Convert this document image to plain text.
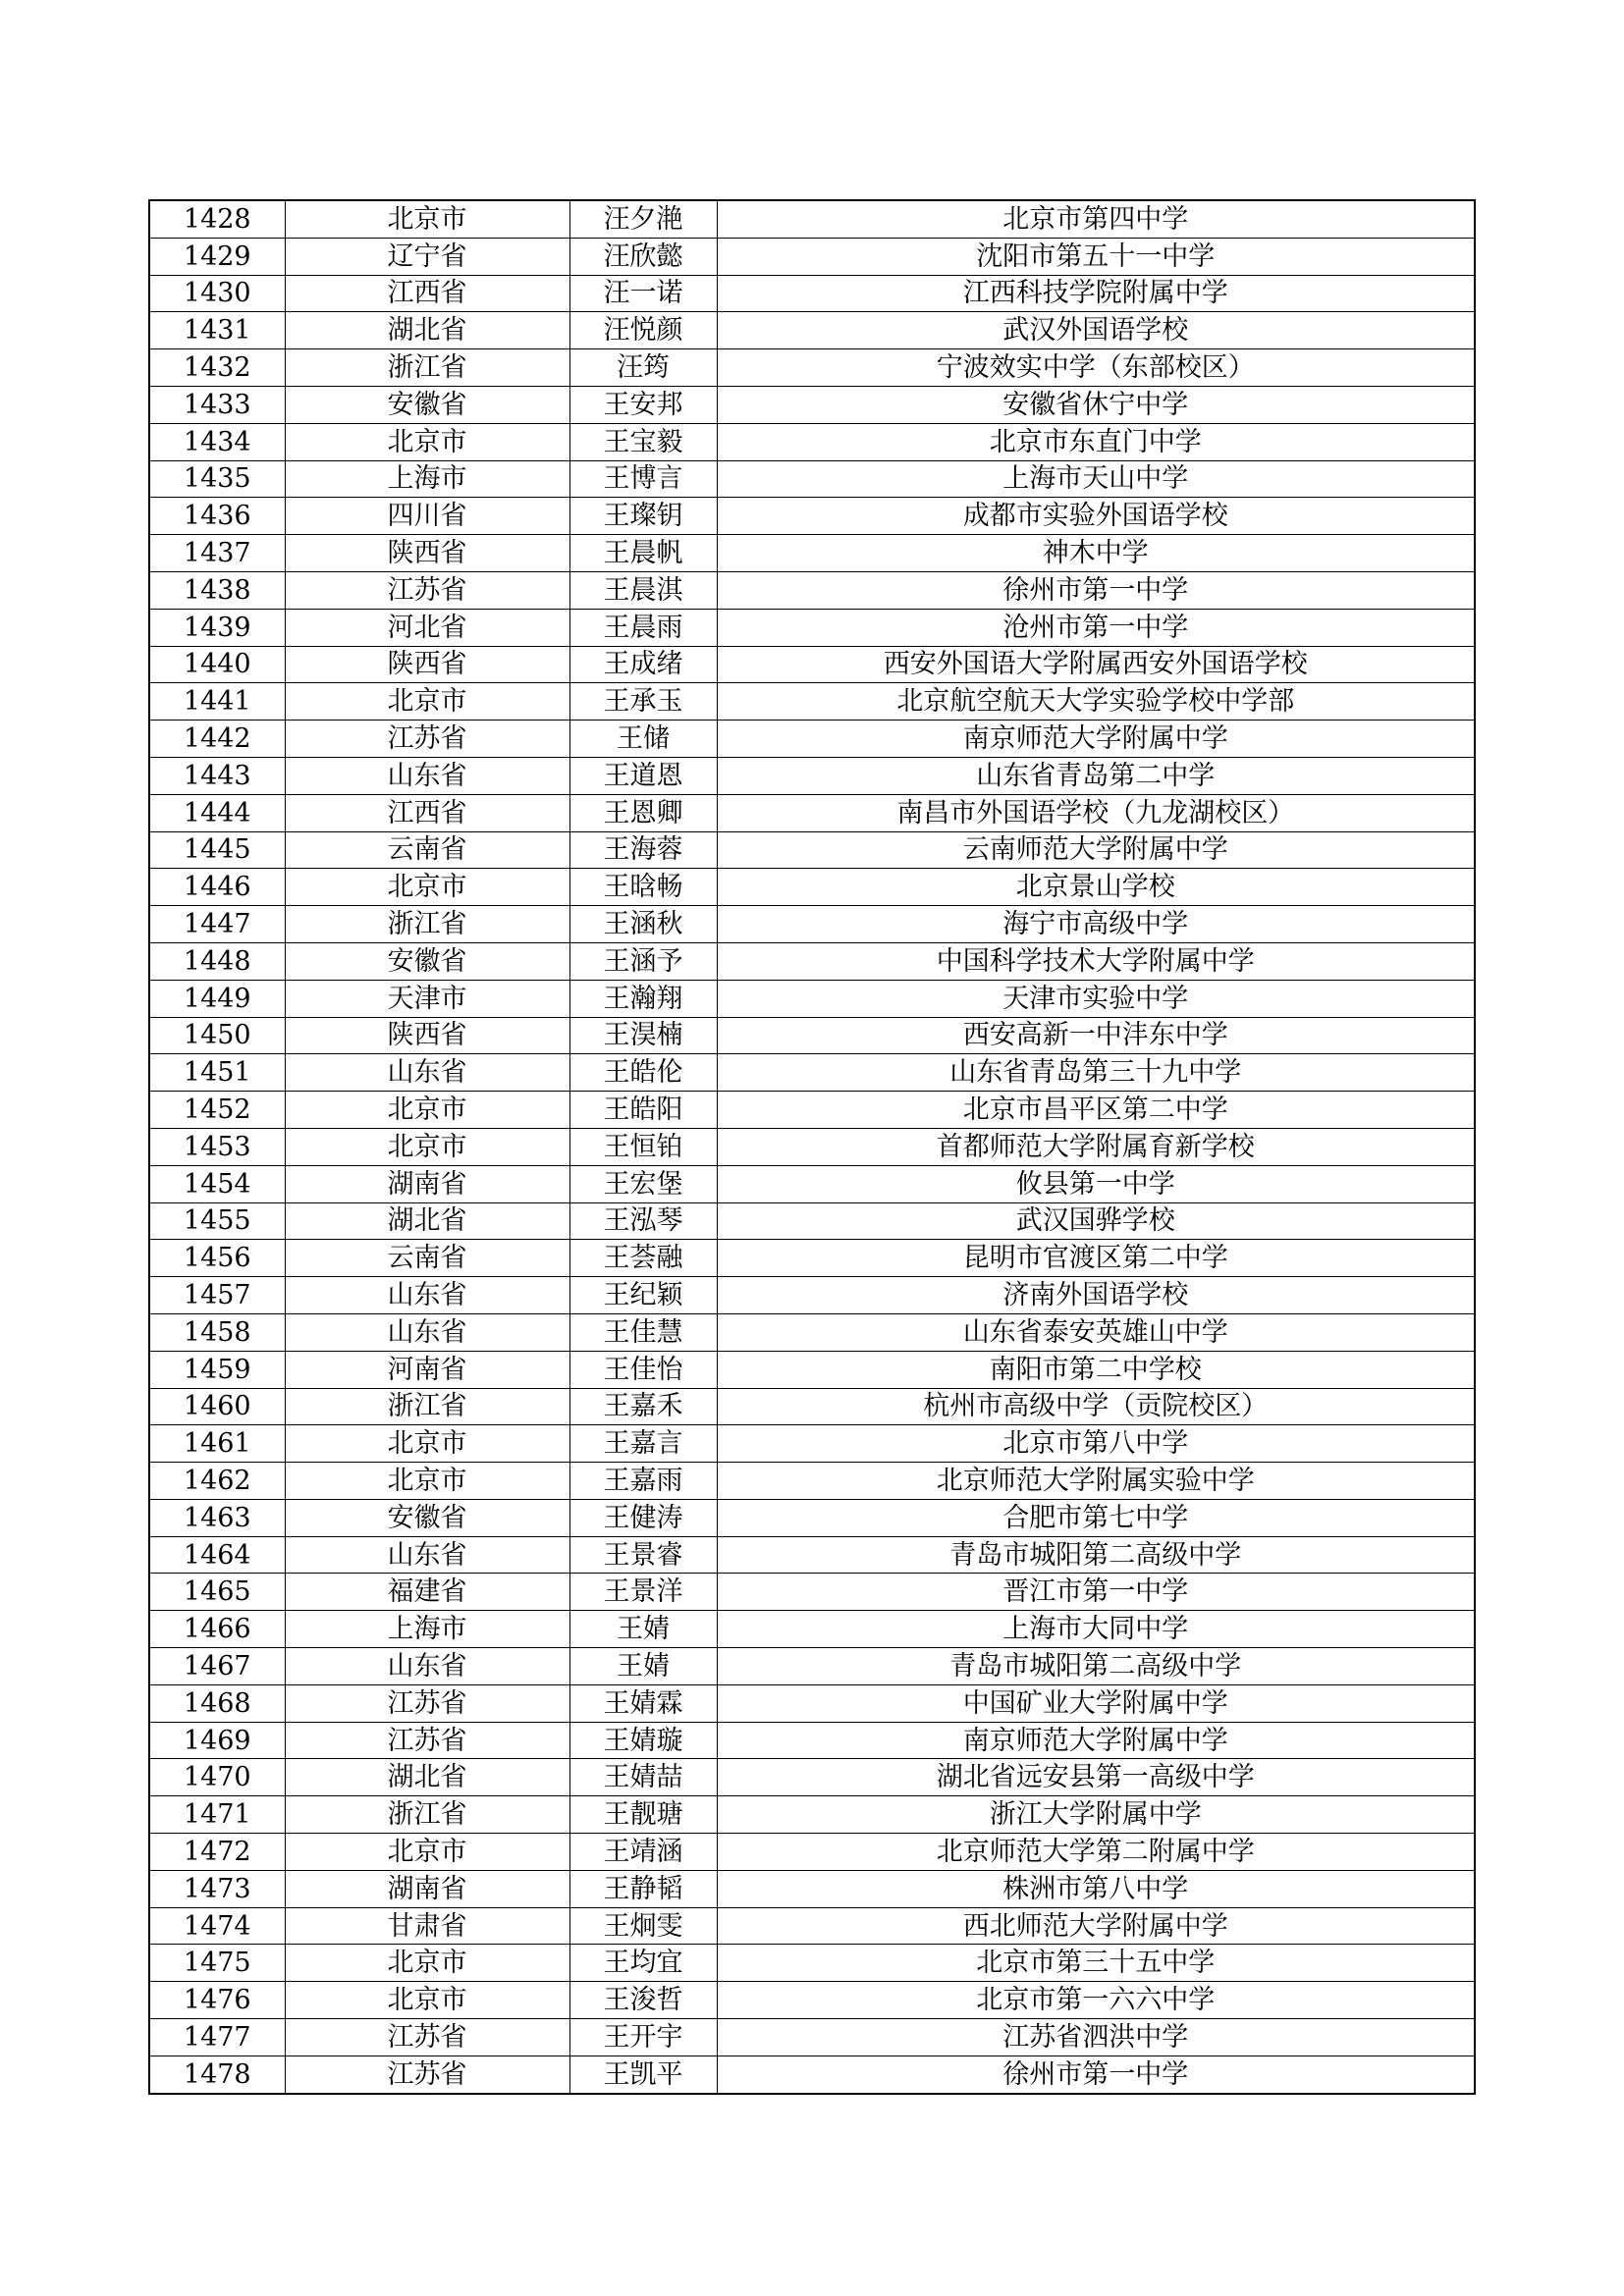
1428	北京市	汪夕滟	北京市第四中学
1429	辽宁省	汪欣懿	沈阳市第五十一中学
1430	江西省	汪一诺	江西科技学院附属中学
1431	湖北省	汪悦颜	武汉外国语学校
1432	浙江省	汪筠	宁波效实中学（东部校区）
1433	安徽省	王安邦	安徽省休宁中学
1434	北京市	王宝毅	北京市东直门中学
1435	上海市	王博言	上海市天山中学
1436	四川省	王璨钥	成都市实验外国语学校
1437	陕西省	王晨帆	神木中学
1438	江苏省	王晨淇	徐州市第一中学
1439	河北省	王晨雨	沧州市第一中学
1440	陕西省	王成绪	西安外国语大学附属西安外国语学校
1441	北京市	王承玉	北京航空航天大学实验学校中学部
1442	江苏省	王储	南京师范大学附属中学
1443	山东省	王道恩	山东省青岛第二中学
1444	江西省	王恩卿	南昌市外国语学校（九龙湖校区）
1445	云南省	王海蓉	云南师范大学附属中学
1446	北京市	王晗畅	北京景山学校
1447	浙江省	王涵秋	海宁市高级中学
1448	安徽省	王涵予	中国科学技术大学附属中学
1449	天津市	王瀚翔	天津市实验中学
1450	陕西省	王淏楠	西安高新一中沣东中学
1451	山东省	王皓伦	山东省青岛第三十九中学
1452	北京市	王皓阳	北京市昌平区第二中学
1453	北京市	王恒铂	首都师范大学附属育新学校
1454	湖南省	王宏堡	攸县第一中学
1455	湖北省	王泓琴	武汉国骅学校
1456	云南省	王荟融	昆明市官渡区第二中学
1457	山东省	王纪颖	济南外国语学校
1458	山东省	王佳慧	山东省泰安英雄山中学
1459	河南省	王佳怡	南阳市第二中学校
1460	浙江省	王嘉禾	杭州市高级中学（贡院校区）
1461	北京市	王嘉言	北京市第八中学
1462	北京市	王嘉雨	北京师范大学附属实验中学
1463	安徽省	王健涛	合肥市第七中学
1464	山东省	王景睿	青岛市城阳第二高级中学
1465	福建省	王景洋	晋江市第一中学
1466	上海市	王婧	上海市大同中学
1467	山东省	王婧	青岛市城阳第二高级中学
1468	江苏省	王婧霖	中国矿业大学附属中学
1469	江苏省	王婧璇	南京师范大学附属中学
1470	湖北省	王婧喆	湖北省远安县第一高级中学
1471	浙江省	王靓瑭	浙江大学附属中学
1472	北京市	王靖涵	北京师范大学第二附属中学
1473	湖南省	王静韬	株洲市第八中学
1474	甘肃省	王炯雯	西北师范大学附属中学
1475	北京市	王均宜	北京市第三十五中学
1476	北京市	王浚哲	北京市第一六六中学
1477	江苏省	王开宇	江苏省泗洪中学
1478	江苏省	王凯平	徐州市第一中学
